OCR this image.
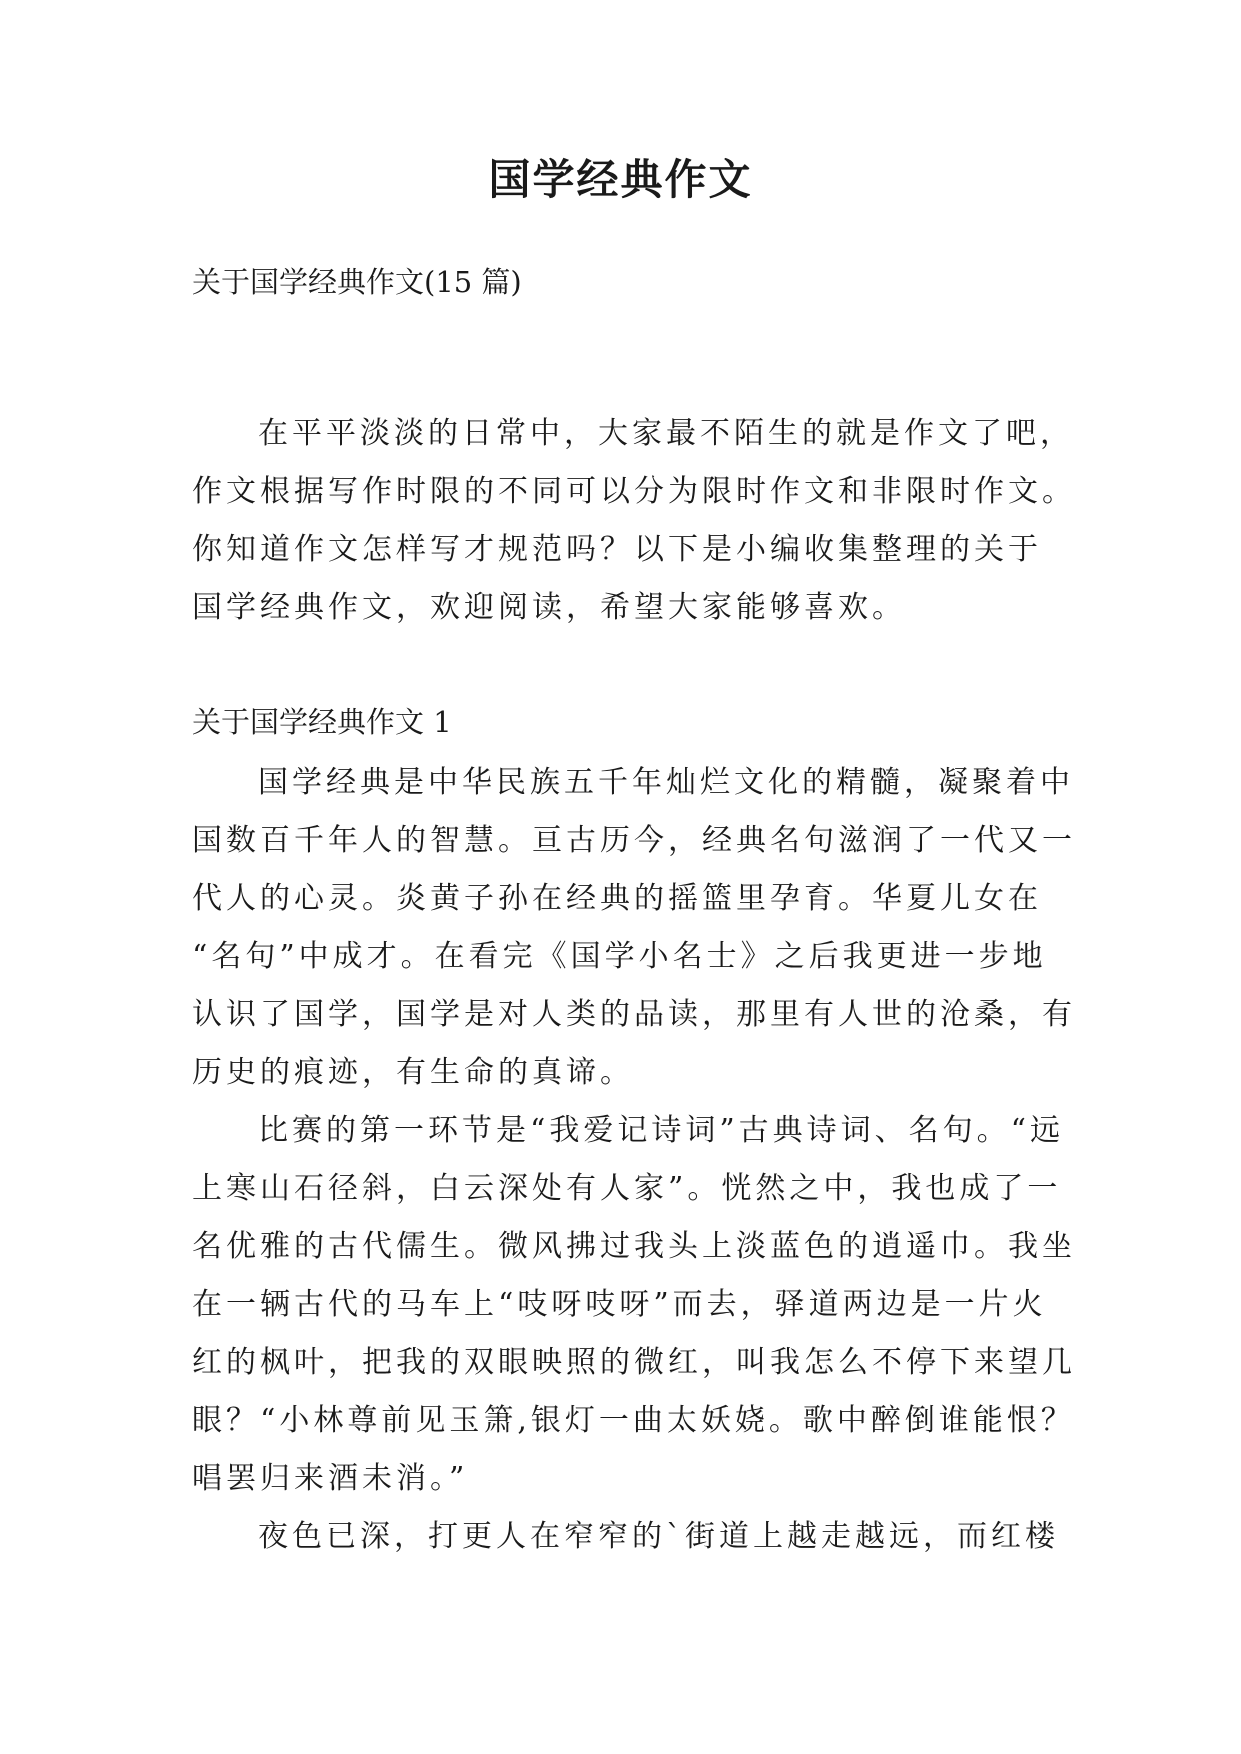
国学经典作文
关于国学经典作文(15 篇)
在平平淡淡的日常中，大家最不陌生的就是作文了吧，
作文根据写作时限的不同可以分为限时作文和非限时作文。
你知道作文怎样写才规范吗？以下是小编收集整理的关于
国学经典作文，欢迎阅读，希望大家能够喜欢。
关于国学经典作文 1
国学经典是中华民族五千年灿烂文化的精髓，凝聚着中
国数百千年人的智慧。亘古历今，经典名句滋润了一代又一
代人的心灵。炎黄子孙在经典的摇篮里孕育。华夏儿女在
“名句”中成才。在看完《国学小名士》之后我更进一步地
认识了国学，国学是对人类的品读，那里有人世的沧桑，有
历史的痕迹，有生命的真谛。
比赛的第一环节是“我爱记诗词”古典诗词、名句。“远
上寒山石径斜，白云深处有人家”。恍然之中，我也成了一
名优雅的古代儒生。微风拂过我头上淡蓝色的逍遥巾。我坐
在一辆古代的马车上“吱呀吱呀”而去，驿道两边是一片火
红的枫叶，把我的双眼映照的微红，叫我怎么不停下来望几
眼？“小林尊前见玉箫,银灯一曲太妖娆。歌中醉倒谁能恨？
唱罢归来酒未消。”
夜色已深，打更人在窄窄的`街道上越走越远，而红楼
